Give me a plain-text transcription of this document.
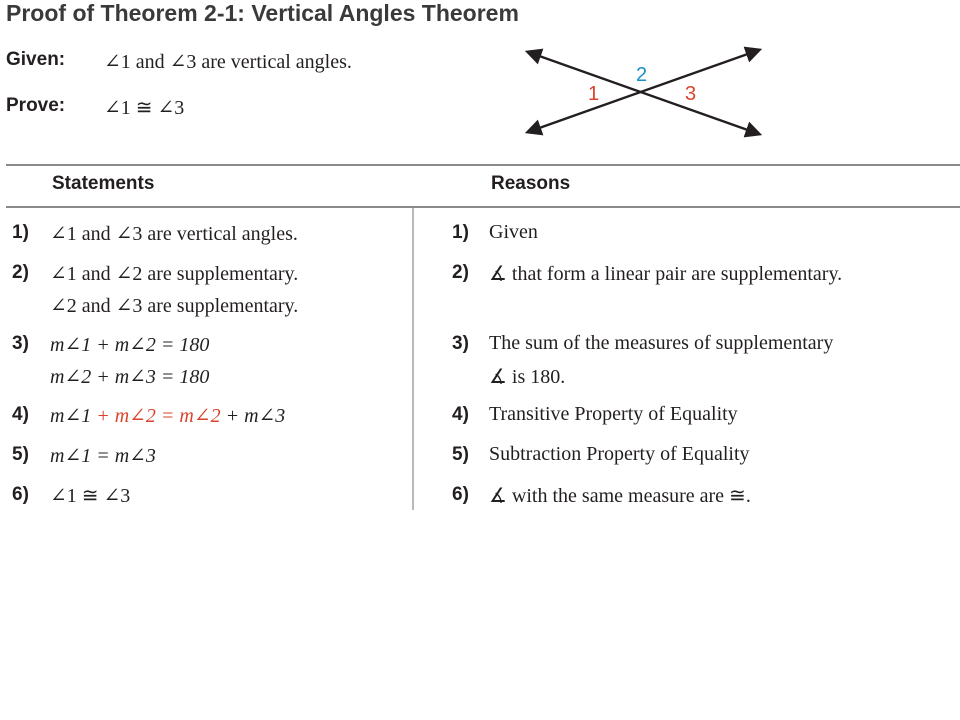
Proof of Theorem 2-1: Vertical Angles Theorem
Given: ∠1 and ∠3 are vertical angles.
Prove: ∠1 ≅ ∠3
1
2
3
Statements	Reasons
1) ∠1 and ∠3 are vertical angles.	1) Given
2) ∠1 and ∠2 are supplementary.
∠2 and ∠3 are supplementary.
2) ∡ that form a linear pair are supplementary.
3) m∠1 + m∠2 = 180
m∠2 + m∠3 = 180
3) The sum of the measures of supplementary
∡ is 180.
4) m∠1 + m∠2 = m∠2 + m∠3	4) Transitive Property of Equality
5) m∠1 = m∠3	5) Subtraction Property of Equality
6) ∠1 ≅ ∠3	6) ∡ with the same measure are ≅.
